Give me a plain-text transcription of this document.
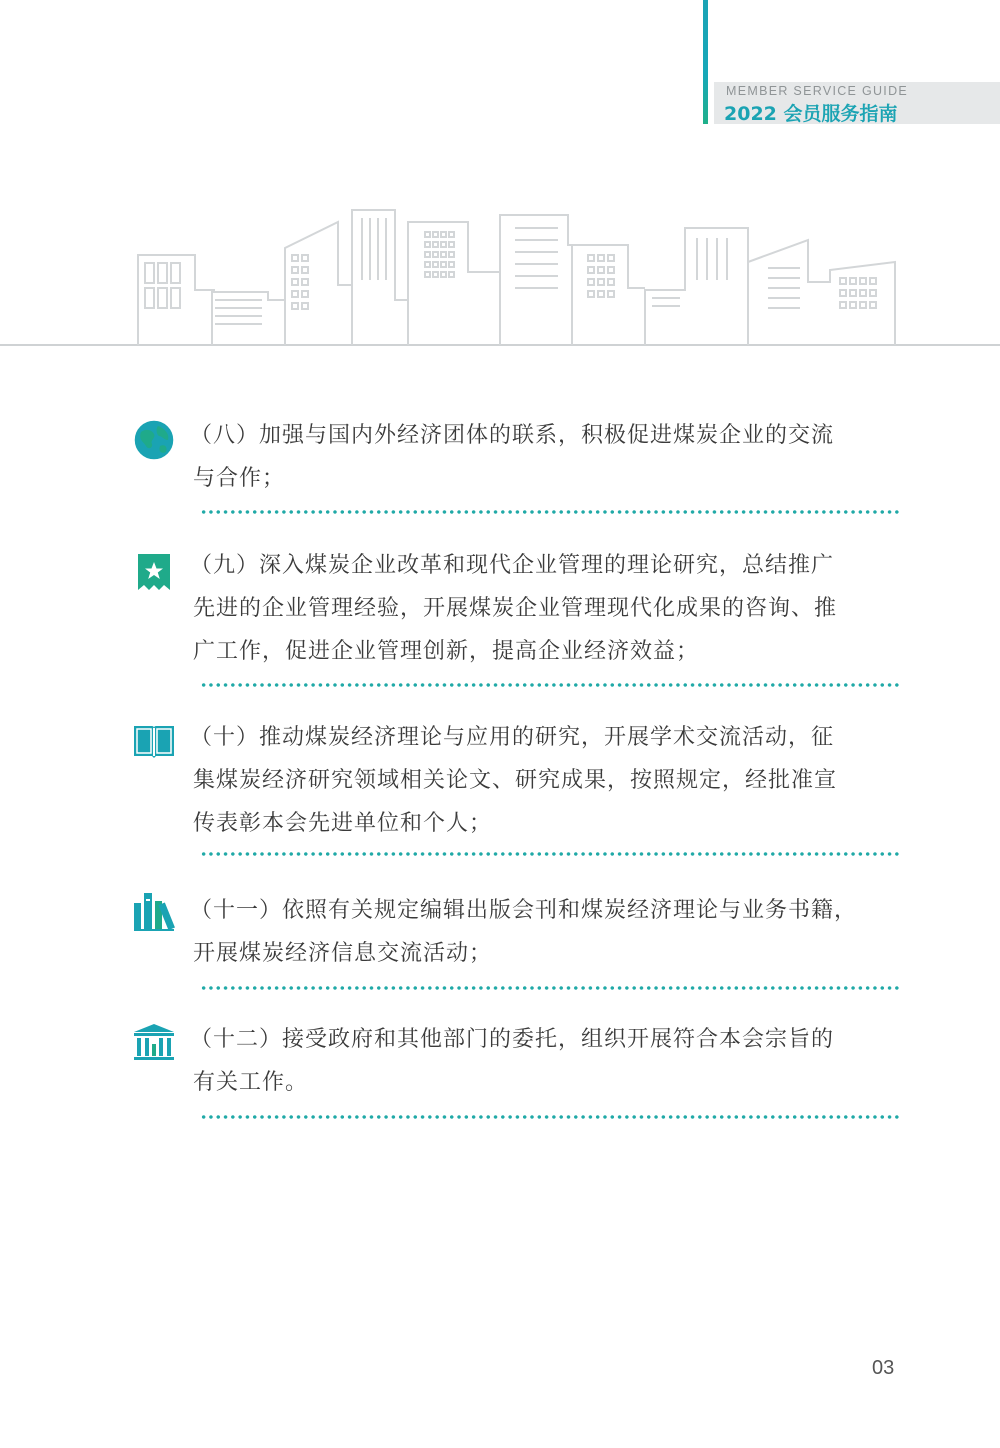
MEMBER SERVICE GUIDE
2022 会员服务指南
（八）加强与国内外经济团体的联系，积极促进煤炭企业的交流
与合作；
（九）深入煤炭企业改革和现代企业管理的理论研究，总结推广
先进的企业管理经验，开展煤炭企业管理现代化成果的咨询、推
广工作，促进企业管理创新，提高企业经济效益；
（十）推动煤炭经济理论与应用的研究，开展学术交流活动，征
集煤炭经济研究领域相关论文、研究成果，按照规定，经批准宣
传表彰本会先进单位和个人；
（十一）依照有关规定编辑出版会刊和煤炭经济理论与业务书籍，
开展煤炭经济信息交流活动；
（十二）接受政府和其他部门的委托，组织开展符合本会宗旨的
有关工作。
03
